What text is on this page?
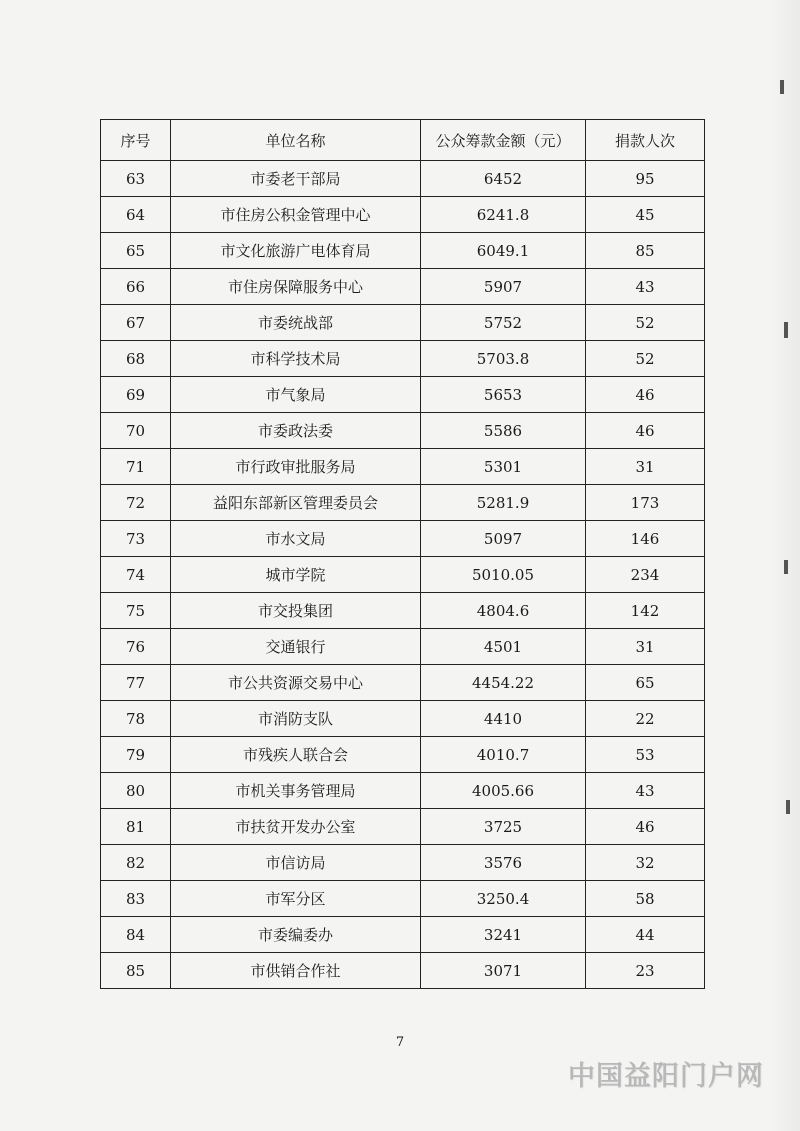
序号	单位名称	公众筹款金额（元）	捐款人次
63	市委老干部局	6452	95
64	市住房公积金管理中心	6241.8	45
65	市文化旅游广电体育局	6049.1	85
66	市住房保障服务中心	5907	43
67	市委统战部	5752	52
68	市科学技术局	5703.8	52
69	市气象局	5653	46
70	市委政法委	5586	46
71	市行政审批服务局	5301	31
72	益阳东部新区管理委员会	5281.9	173
73	市水文局	5097	146
74	城市学院	5010.05	234
75	市交投集团	4804.6	142
76	交通银行	4501	31
77	市公共资源交易中心	4454.22	65
78	市消防支队	4410	22
79	市残疾人联合会	4010.7	53
80	市机关事务管理局	4005.66	43
81	市扶贫开发办公室	3725	46
82	市信访局	3576	32
83	市军分区	3250.4	58
84	市委编委办	3241	44
85	市供销合作社	3071	23
7
中国益阳门户网
